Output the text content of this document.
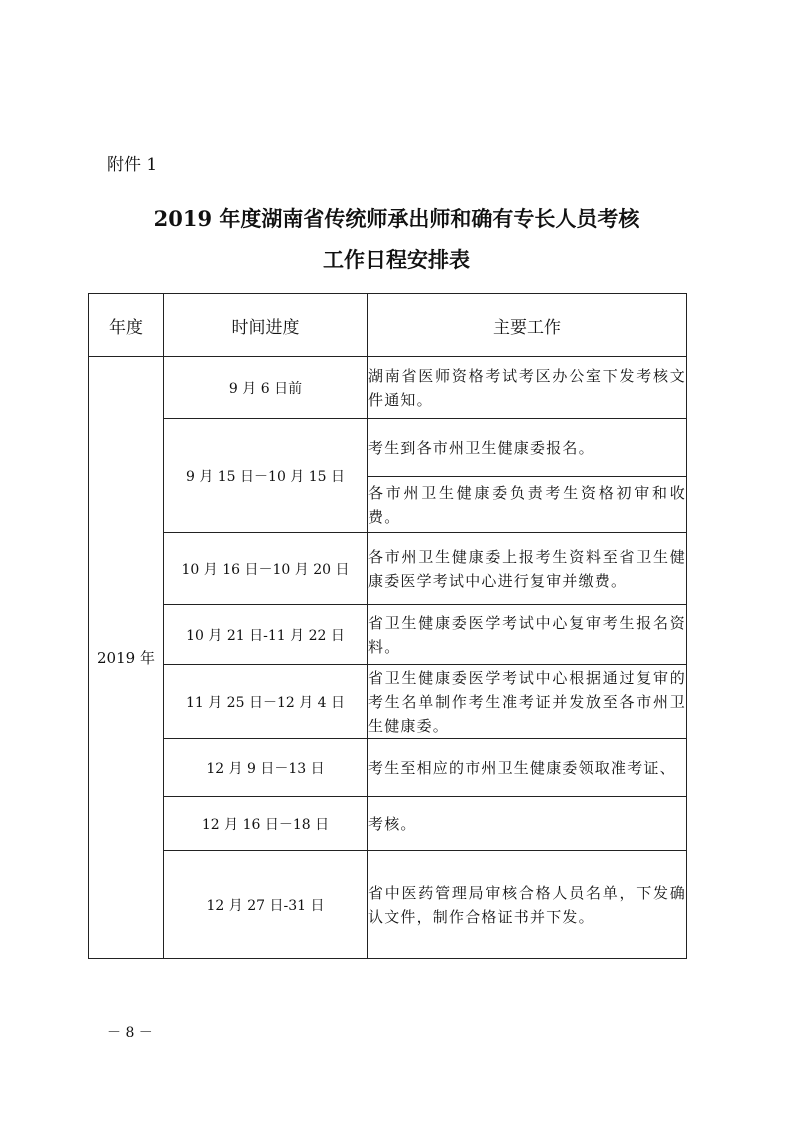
附件 1
2019 年度湖南省传统师承出师和确有专长人员考核
工作日程安排表
年度	时间进度	主要工作
2019 年	9 月 6 日前	湖南省医师资格考试考区办公室下发考核文件通知。
	9 月 15 日－10 月 15 日	考生到各市州卫生健康委报名。
		各市州卫生健康委负责考生资格初审和收费。
	10 月 16 日－10 月 20 日	各市州卫生健康委上报考生资料至省卫生健康委医学考试中心进行复审并缴费。
	10 月 21 日-11 月 22 日	省卫生健康委医学考试中心复审考生报名资料。
	11 月 25 日－12 月 4 日	省卫生健康委医学考试中心根据通过复审的考生名单制作考生准考证并发放至各市州卫生健康委。
	12 月 9 日－13 日	考生至相应的市州卫生健康委领取准考证、
	12 月 16 日－18 日	考核。
	12 月 27 日-31 日	省中医药管理局审核合格人员名单，下发确认文件，制作合格证书并下发。
－ 8 －
